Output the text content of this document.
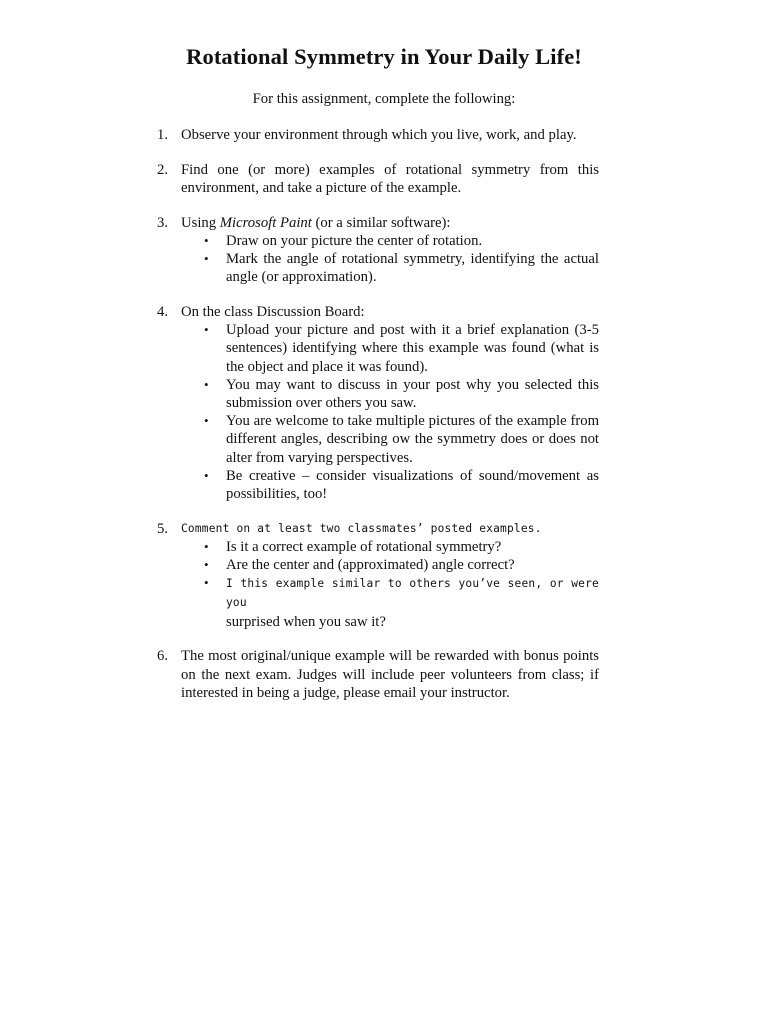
Rotational Symmetry in Your Daily Life!
For this assignment, complete the following:
1. Observe your environment through which you live, work, and play.
2. Find one (or more) examples of rotational symmetry from this environment, and take a picture of the example.
3. Using Microsoft Paint (or a similar software):
• Draw on your picture the center of rotation.
• Mark the angle of rotational symmetry, identifying the actual angle (or approximation).
4. On the class Discussion Board:
• Upload your picture and post with it a brief explanation (3-5 sentences) identifying where this example was found (what is the object and place it was found).
• You may want to discuss in your post why you selected this submission over others you saw.
• You are welcome to take multiple pictures of the example from different angles, describing ow the symmetry does or does not alter from varying perspectives.
• Be creative – consider visualizations of sound/movement as possibilities, too!
5. Comment on at least two classmates’ posted examples.
• Is it a correct example of rotational symmetry?
• Are the center and (approximated) angle correct?
• I this example similar to others you’ve seen, or were you
surprised when you saw it?
6. The most original/unique example will be rewarded with bonus points on the next exam. Judges will include peer volunteers from class; if interested in being a judge, please email your instructor.
